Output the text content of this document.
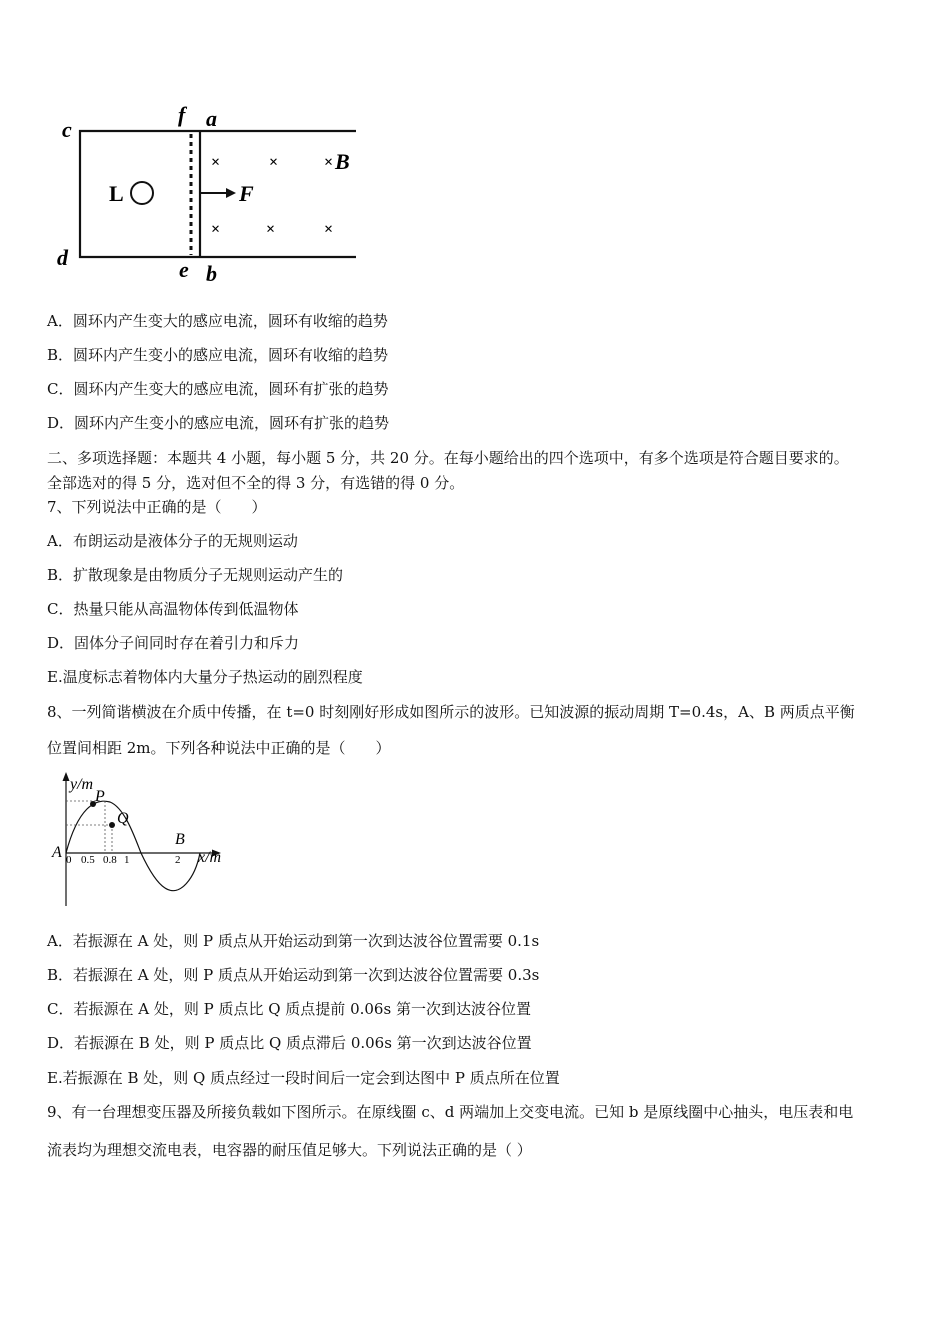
c
f a
d	e b
L	F
B
×	×	×
×	×	×
A．圆环内产生变大的感应电流，圆环有收缩的趋势
B．圆环内产生变小的感应电流，圆环有收缩的趋势
C．圆环内产生变大的感应电流，圆环有扩张的趋势
D．圆环内产生变小的感应电流，圆环有扩张的趋势
二、多项选择题：本题共 4 小题，每小题 5 分，共 20 分。在每小题给出的四个选项中，有多个选项是符合题目要求的。
全部选对的得 5 分，选对但不全的得 3 分，有选错的得 0 分。
7、下列说法中正确的是（　　）
A．布朗运动是液体分子的无规则运动
B．扩散现象是由物质分子无规则运动产生的
C．热量只能从高温物体传到低温物体
D．固体分子间同时存在着引力和斥力
E.温度标志着物体内大量分子热运动的剧烈程度
8、一列简谐横波在介质中传播，在 t=0 时刻刚好形成如图所示的波形。已知波源的振动周期 T=0.4s，A、B 两质点平衡
位置间相距 2m。下列各种说法中正确的是（　　）
y/m
P
Q
A
B
x/m
0 0.5 0.8 1	2
A．若振源在 A 处，则 P 质点从开始运动到第一次到达波谷位置需要 0.1s
B．若振源在 A 处，则 P 质点从开始运动到第一次到达波谷位置需要 0.3s
C．若振源在 A 处，则 P 质点比 Q 质点提前 0.06s 第一次到达波谷位置
D．若振源在 B 处，则 P 质点比 Q 质点滞后 0.06s 第一次到达波谷位置
E.若振源在 B 处，则 Q 质点经过一段时间后一定会到达图中 P 质点所在位置
9、有一台理想变压器及所接负载如下图所示。在原线圈 c、d 两端加上交变电流。已知 b 是原线圈中心抽头，电压表和电
流表均为理想交流电表，电容器的耐压值足够大。下列说法正确的是（ ）
